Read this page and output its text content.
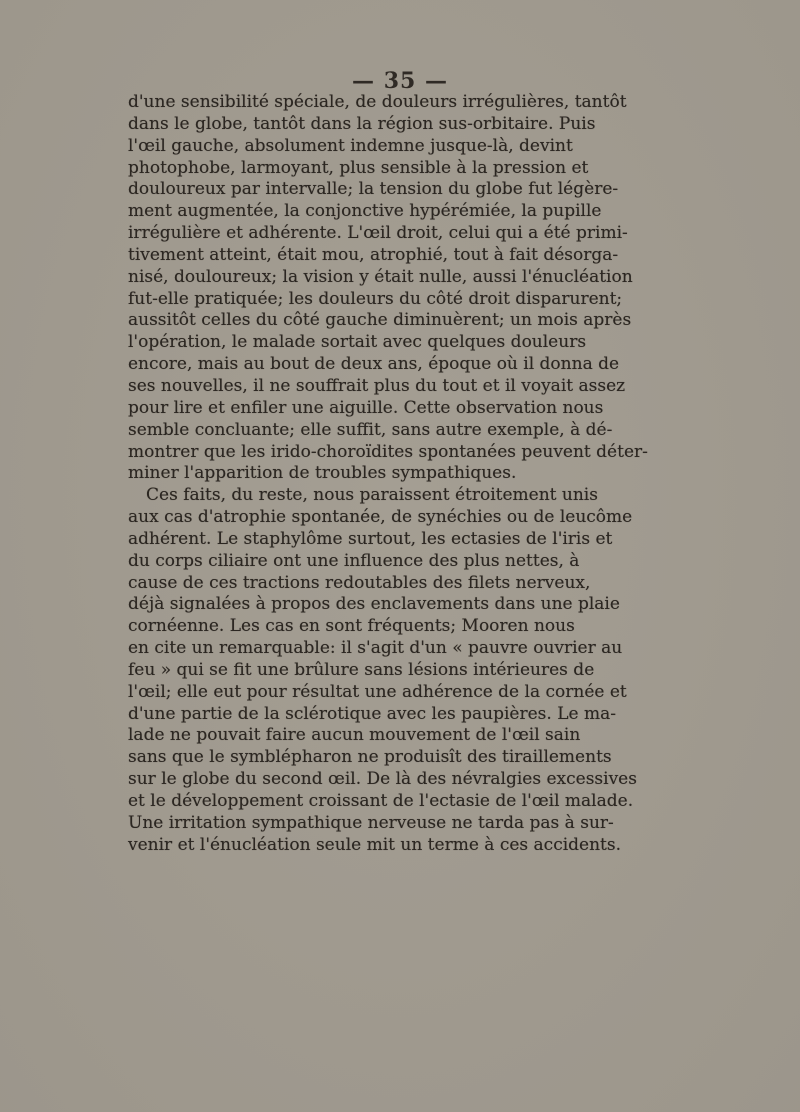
— 35 —
d'une sensibilité spéciale, de douleurs irrégulières, tantôt
dans le globe, tantôt dans la région sus-orbitaire. Puis
l'œil gauche, absolument indemne jusque-là, devint
photophobe, larmoyant, plus sensible à la pression et
douloureux par intervalle; la tension du globe fut légère-
ment augmentée, la conjonctive hypérémiée, la pupille
irrégulière et adhérente. L'œil droit, celui qui a été primi-
tivement atteint, était mou, atrophié, tout à fait désorga-
nisé, douloureux; la vision y était nulle, aussi l'énucléation
fut-elle pratiquée; les douleurs du côté droit disparurent;
aussitôt celles du côté gauche diminuèrent; un mois après
l'opération, le malade sortait avec quelques douleurs
encore, mais au bout de deux ans, époque où il donna de
ses nouvelles, il ne souffrait plus du tout et il voyait assez
pour lire et enfiler une aiguille. Cette observation nous
semble concluante; elle suffit, sans autre exemple, à dé-
montrer que les irido-choroïdites spontanées peuvent déter-
miner l'apparition de troubles sympathiques.
Ces faits, du reste, nous paraissent étroitement unis
aux cas d'atrophie spontanée, de synéchies ou de leucôme
adhérent. Le staphylôme surtout, les ectasies de l'iris et
du corps ciliaire ont une influence des plus nettes, à
cause de ces tractions redoutables des filets nerveux,
déjà signalées à propos des enclavements dans une plaie
cornéenne. Les cas en sont fréquents; Mooren nous
en cite un remarquable: il s'agit d'un « pauvre ouvrier au
feu » qui se fit une brûlure sans lésions intérieures de
l'œil; elle eut pour résultat une adhérence de la cornée et
d'une partie de la sclérotique avec les paupières. Le ma-
lade ne pouvait faire aucun mouvement de l'œil sain
sans que le symblépharon ne produisît des tiraillements
sur le globe du second œil. De là des névralgies excessives
et le développement croissant de l'ectasie de l'œil malade.
Une irritation sympathique nerveuse ne tarda pas à sur-
venir et l'énucléation seule mit un terme à ces accidents.
